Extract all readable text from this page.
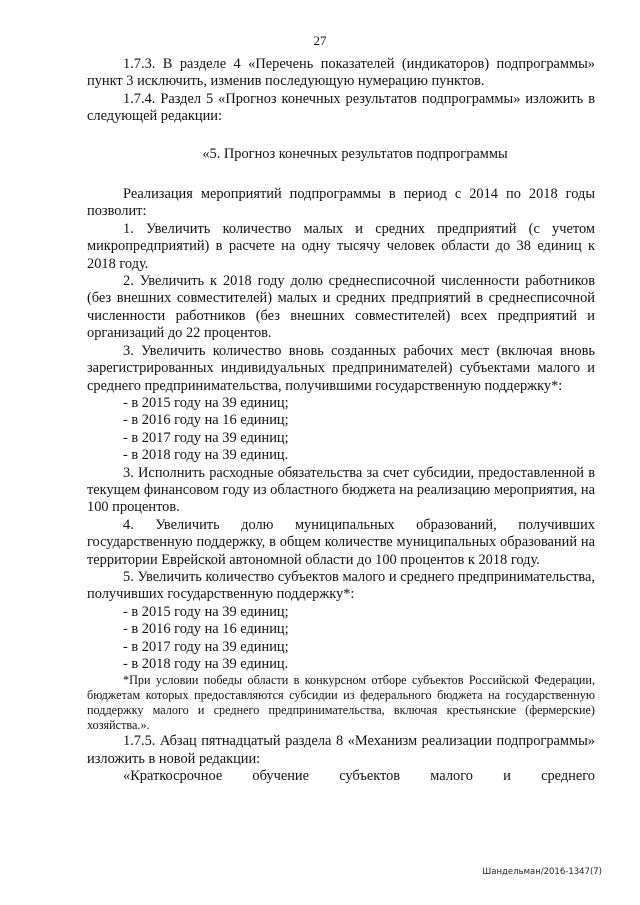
27

1.7.3. В разделе 4 «Перечень показателей (индикаторов) подпрограммы» пункт 3 исключить, изменив последующую нумерацию пунктов.

1.7.4. Раздел 5 «Прогноз конечных результатов подпрограммы» изложить в следующей редакции:

«5. Прогноз конечных результатов подпрограммы

Реализация мероприятий подпрограммы в период с 2014 по 2018 годы позволит:

1. Увеличить количество малых и средних предприятий (с учетом микропредприятий) в расчете на одну тысячу человек области до 38 единиц к 2018 году.

2. Увеличить к 2018 году долю среднесписочной численности работников (без внешних совместителей) малых и средних предприятий в среднесписочной численности работников (без внешних совместителей) всех предприятий и организаций до 22 процентов.

3. Увеличить количество вновь созданных рабочих мест (включая вновь зарегистрированных индивидуальных предпринимателей) субъектами малого и среднего предпринимательства, получившими государственную поддержку*:

- в 2015 году на 39 единиц;
- в 2016 году на 16 единиц;
- в 2017 году на 39 единиц;
- в 2018 году на 39 единиц.

3. Исполнить расходные обязательства за счет субсидии, предоставленной в текущем финансовом году из областного бюджета на реализацию мероприятия, на 100 процентов.

4. Увеличить долю муниципальных образований, получивших государственную поддержку, в общем количестве муниципальных образований на территории Еврейской автономной области до 100 процентов к 2018 году.

5. Увеличить количество субъектов малого и среднего предпринимательства, получивших государственную поддержку*:

- в 2015 году на 39 единиц;
- в 2016 году на 16 единиц;
- в 2017 году на 39 единиц;
- в 2018 году на 39 единиц.

*При условии победы области в конкурсном отборе субъектов Российской Федерации, бюджетам которых предоставляются субсидии из федерального бюджета на государственную поддержку малого и среднего предпринимательства, включая крестьянские (фермерские) хозяйства.».

1.7.5. Абзац пятнадцатый раздела 8 «Механизм реализации подпрограммы» изложить в новой редакции:

«Краткосрочное обучение субъектов малого и среднего

Шандельман/2016-1347(7)
